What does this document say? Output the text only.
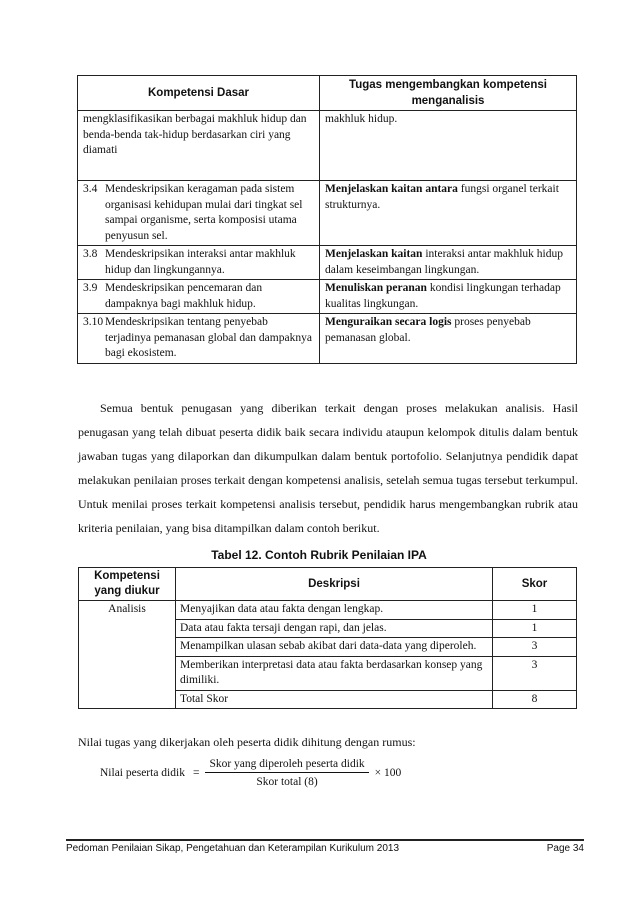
Kompetensi Dasar	Tugas mengembangkan kompetensi menganalisis
mengklasifikasikan berbagai makhluk hidup dan benda-benda tak-hidup berdasarkan ciri yang diamati	makhluk hidup.

3.4 Mendeskripsikan keragaman pada sistem organisasi kehidupan mulai dari tingkat sel sampai organisme, serta komposisi utama penyusun sel.	Menjelaskan kaitan antara fungsi organel terkait strukturnya.

3.8 Mendeskripsikan interaksi antar makhluk hidup dan lingkungannya.	Menjelaskan kaitan interaksi antar makhluk hidup dalam keseimbangan lingkungan.

3.9 Mendeskripsikan pencemaran dan dampaknya bagi makhluk hidup.	Menuliskan peranan kondisi lingkungan terhadap kualitas lingkungan.

3.10 Mendeskripsikan tentang penyebab terjadinya pemanasan global dan dampaknya bagi ekosistem.	Menguraikan secara logis proses penyebab pemanasan global.

Semua bentuk penugasan yang diberikan terkait dengan proses melakukan analisis. Hasil penugasan yang telah dibuat peserta didik baik secara individu ataupun kelompok ditulis dalam bentuk jawaban tugas yang dilaporkan dan dikumpulkan dalam bentuk portofolio. Selanjutnya pendidik dapat melakukan penilaian proses terkait dengan kompetensi analisis, setelah semua tugas tersebut terkumpul. Untuk menilai proses terkait kompetensi analisis tersebut, pendidik harus mengembangkan rubrik atau kriteria penilaian, yang bisa ditampilkan dalam contoh berikut.

Tabel 12. Contoh Rubrik Penilaian IPA
Kompetensi yang diukur	Deskripsi	Skor
Analisis	Menyajikan data atau fakta dengan lengkap.	1
	Data atau fakta tersaji dengan rapi, dan jelas.	1
	Menampilkan ulasan sebab akibat dari data-data yang diperoleh.	3
	Memberikan interpretasi data atau fakta berdasarkan konsep yang dimiliki.	3
	Total Skor	8
Nilai tugas yang dikerjakan oleh peserta didik dihitung dengan rumus:
Nilai peserta didik = $\frac{\text{Skor yang diperoleh peserta didik}}{\text{Skor total (8)}} \times 100$
Pedoman Penilaian Sikap, Pengetahuan dan Keterampilan Kurikulum 2013	Page 34
